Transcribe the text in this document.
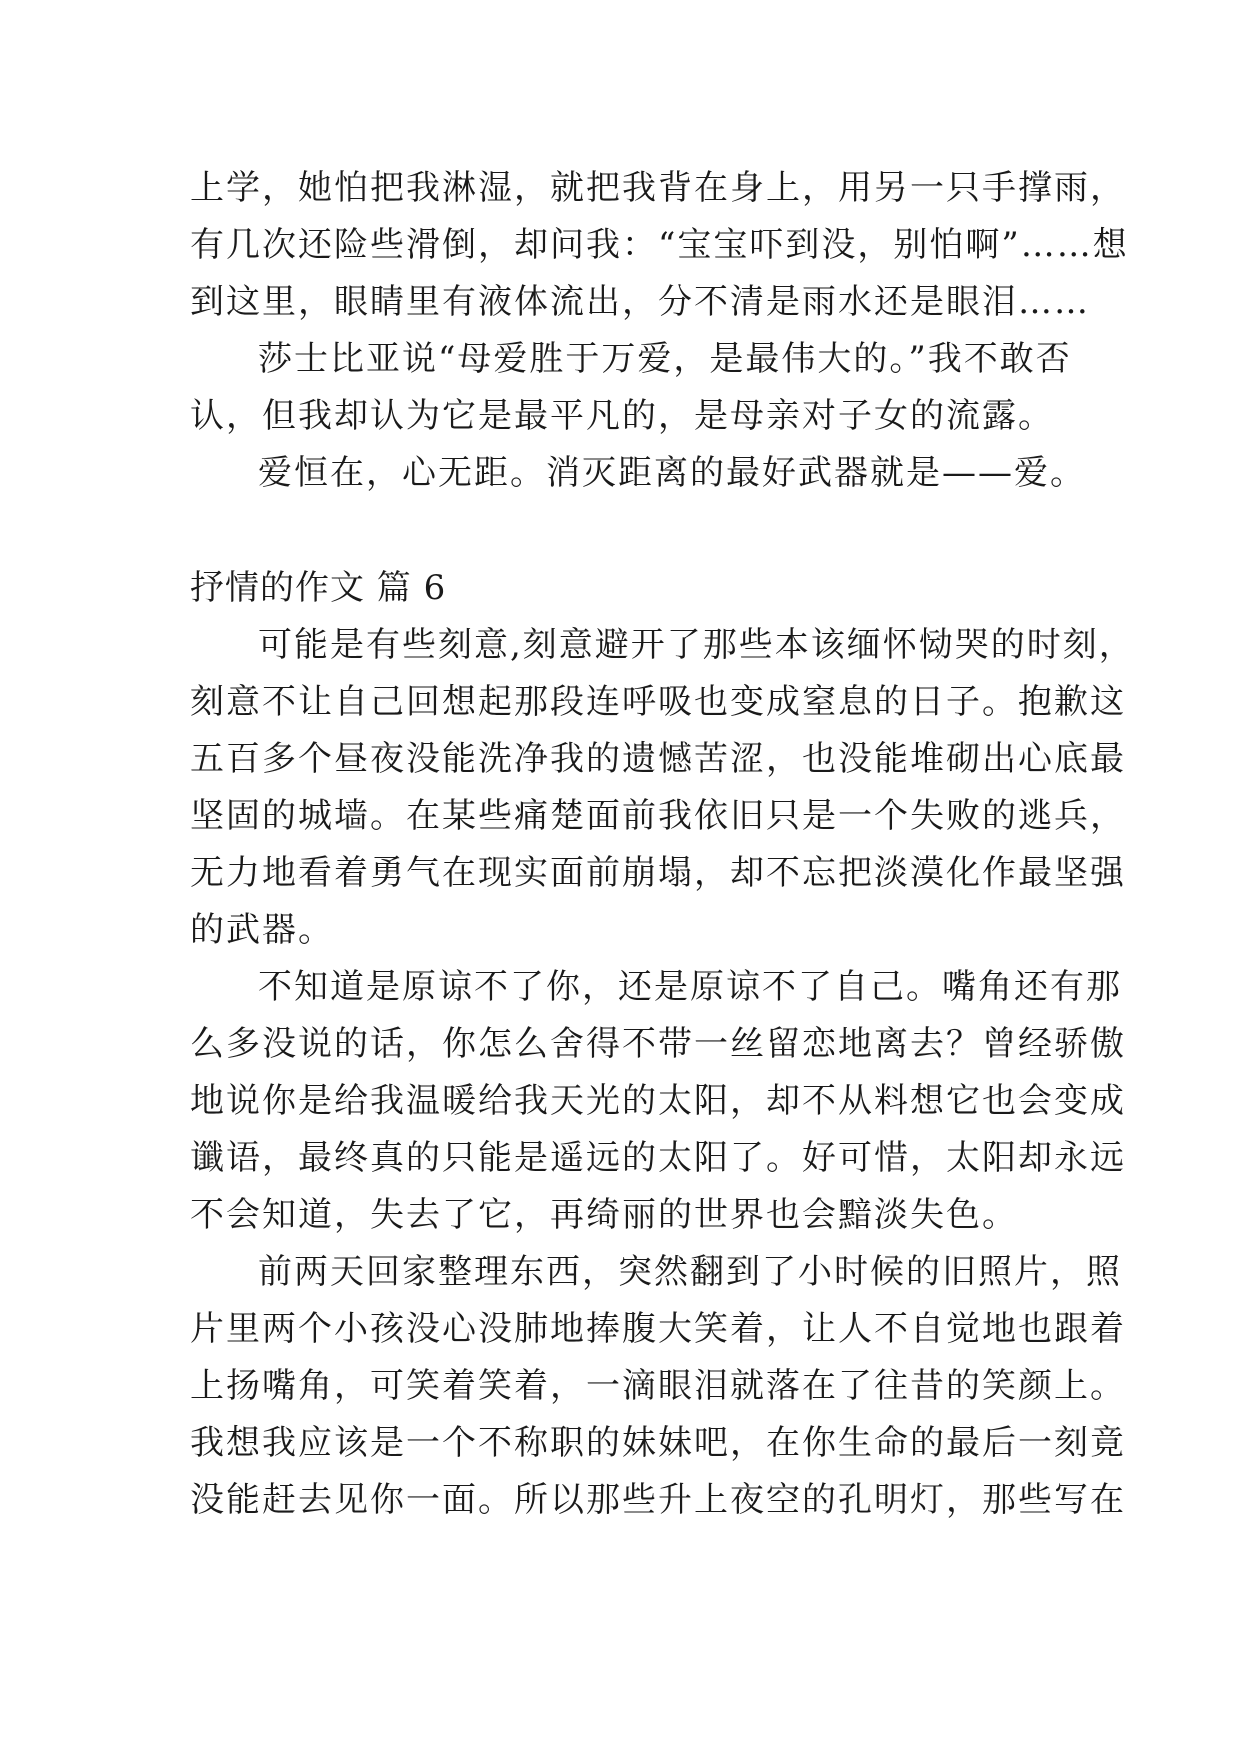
上学，她怕把我淋湿，就把我背在身上，用另一只手撑雨，
有几次还险些滑倒，却问我：“宝宝吓到没，别怕啊”……想
到这里，眼睛里有液体流出，分不清是雨水还是眼泪……
莎士比亚说“母爱胜于万爱，是最伟大的。”我不敢否
认，但我却认为它是最平凡的，是母亲对子女的流露。
爱恒在，心无距。消灭距离的最好武器就是——爱。
抒情的作文 篇 6
可能是有些刻意,刻意避开了那些本该缅怀恸哭的时刻，
刻意不让自己回想起那段连呼吸也变成窒息的日子。抱歉这
五百多个昼夜没能洗净我的遗憾苦涩，也没能堆砌出心底最
坚固的城墙。在某些痛楚面前我依旧只是一个失败的逃兵，
无力地看着勇气在现实面前崩塌，却不忘把淡漠化作最坚强
的武器。
不知道是原谅不了你，还是原谅不了自己。嘴角还有那
么多没说的话，你怎么舍得不带一丝留恋地离去？曾经骄傲
地说你是给我温暖给我天光的太阳，却不从料想它也会变成
谶语，最终真的只能是遥远的太阳了。好可惜，太阳却永远
不会知道，失去了它，再绮丽的世界也会黯淡失色。
前两天回家整理东西，突然翻到了小时候的旧照片，照
片里两个小孩没心没肺地捧腹大笑着，让人不自觉地也跟着
上扬嘴角，可笑着笑着，一滴眼泪就落在了往昔的笑颜上。
我想我应该是一个不称职的妹妹吧，在你生命的最后一刻竟
没能赶去见你一面。所以那些升上夜空的孔明灯，那些写在
